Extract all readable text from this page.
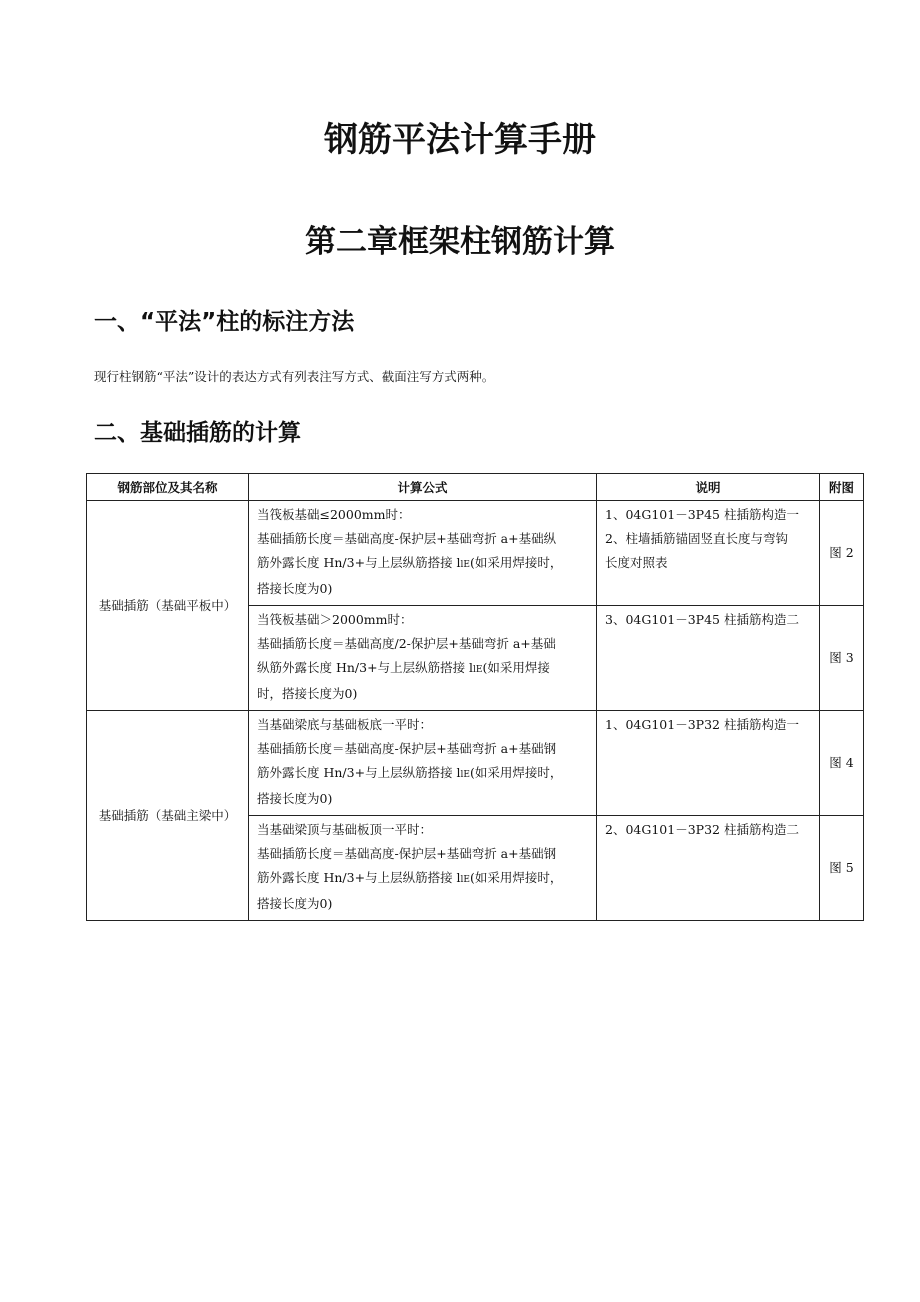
钢筋平法计算手册
第二章框架柱钢筋计算
一、“平法”柱的标注方法

现行柱钢筋“平法”设计的表达方式有列表注写方式、截面注写方式两种。

二、基础插筋的计算
钢筋部位及其名称	计算公式	说明	附图
基础插筋（基础平板中）	当筏板基础≤2000mm时：
基础插筋长度＝基础高度-保护层+基础弯折 a+基础纵
筋外露长度 Hn/3+与上层纵筋搭接 llE(如采用焊接时，
搭接长度为0)	1、04G101－3P45 柱插筋构造一
2、柱墙插筋锚固竖直长度与弯钩
长度对照表	图 2

	当筏板基础＞2000mm时：
基础插筋长度＝基础高度/2-保护层+基础弯折 a+基础
纵筋外露长度 Hn/3+与上层纵筋搭接 llE(如采用焊接
时，搭接长度为0)	3、04G101－3P45 柱插筋构造二	图 3
基础插筋（基础主梁中）	当基础梁底与基础板底一平时：
基础插筋长度＝基础高度-保护层+基础弯折 a+基础钢
筋外露长度 Hn/3+与上层纵筋搭接 llE(如采用焊接时，
搭接长度为0)	1、04G101－3P32 柱插筋构造一	图 4

	当基础梁顶与基础板顶一平时：
基础插筋长度＝基础高度-保护层+基础弯折 a+基础钢
筋外露长度 Hn/3+与上层纵筋搭接 llE(如采用焊接时，
搭接长度为0)	2、04G101－3P32 柱插筋构造二	图 5
